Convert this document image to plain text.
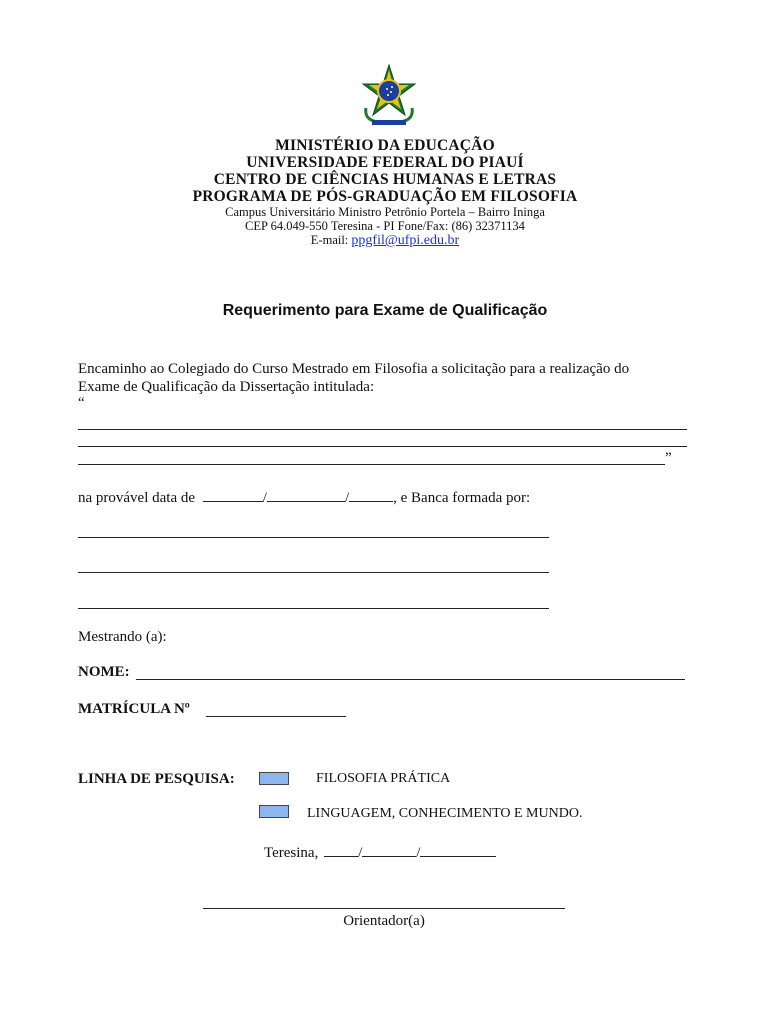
MINISTÉRIO DA EDUCAÇÃO
UNIVERSIDADE FEDERAL DO PIAUÍ
CENTRO DE CIÊNCIAS HUMANAS E LETRAS
PROGRAMA DE PÓS-GRADUAÇÃO EM FILOSOFIA
Campus Universitário Ministro Petrônio Portela – Bairro Ininga
CEP 64.049-550 Teresina - PI Fone/Fax: (86) 32371134
E-mail: ppgfil@ufpi.edu.br
Requerimento para Exame de Qualificação
Encaminho ao Colegiado do Curso Mestrado em Filosofia a solicitação para a realização do
Exame de Qualificação da Dissertação intitulada:
“
”
na provável data de	/	/	, e Banca formada por:
Mestrando (a):
NOME:
MATRÍCULA Nº
LINHA DE PESQUISA:	FILOSOFIA PRÁTICA
LINGUAGEM, CONHECIMENTO E MUNDO.
Teresina,	/	/
Orientador(a)
